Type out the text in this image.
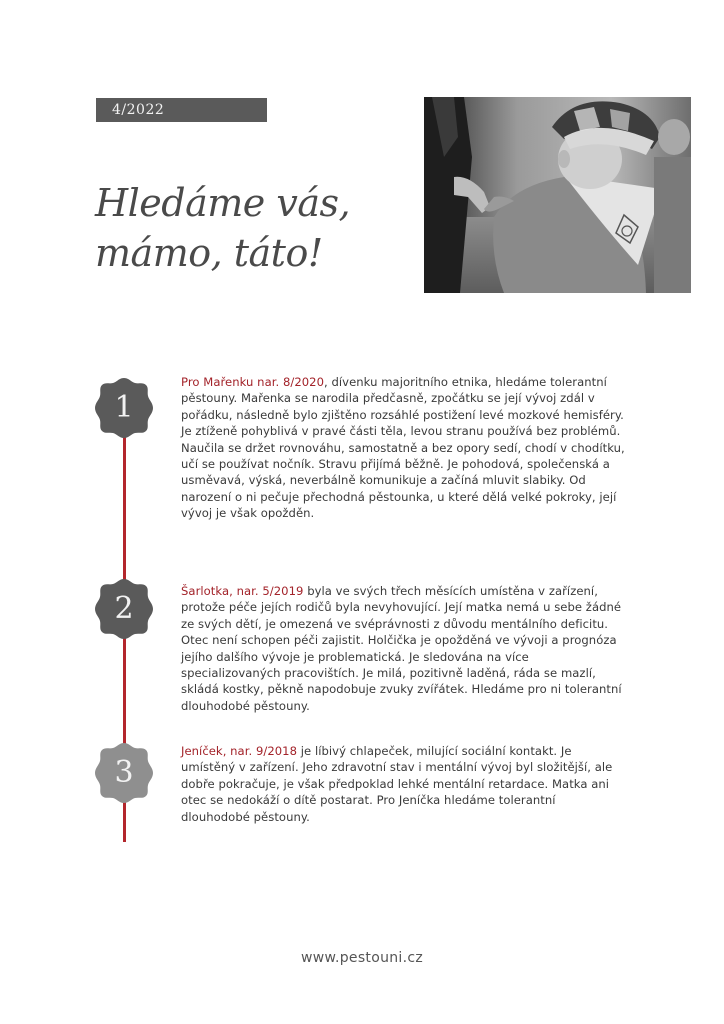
4/2022
Hledáme vás,
mámo, táto!
1
2
3
Pro Mařenku nar. 8/2020, dívenku majoritního etnika, hledáme tolerantní pěstouny. Mařenka se narodila předčasně, zpočátku se její vývoj zdál v pořádku, následně bylo zjištěno rozsáhlé postižení levé mozkové hemisféry. Je ztíženě pohyblivá v pravé části těla, levou stranu používá bez problémů. Naučila se držet rovnováhu, samostatně a bez opory sedí, chodí v chodítku, učí se používat nočník. Stravu přijímá běžně. Je pohodová, společenská a usměvavá, výská, neverbálně komunikuje a začíná mluvit slabiky. Od narození o ni pečuje přechodná pěstounka, u které dělá velké pokroky, její vývoj je však opožděn.
Šarlotka, nar. 5/2019 byla ve svých třech měsících umístěna v zařízení, protože péče jejích rodičů byla nevyhovující. Její matka nemá u sebe žádné ze svých dětí, je omezená ve svéprávnosti z důvodu mentálního deficitu. Otec není schopen péči zajistit. Holčička je opožděná ve vývoji a prognóza jejího dalšího vývoje je problematická. Je sledována na více specializovaných pracovištích. Je milá, pozitivně laděná, ráda se mazlí, skládá kostky, pěkně napodobuje zvuky zvířátek. Hledáme pro ni tolerantní dlouhodobé pěstouny.
Jeníček, nar. 9/2018 je líbivý chlapeček, milující sociální kontakt. Je umístěný v zařízení. Jeho zdravotní stav i mentální vývoj byl složitější, ale dobře pokračuje, je však předpoklad lehké mentální retardace. Matka ani otec se nedokáží o dítě postarat. Pro Jeníčka hledáme tolerantní dlouhodobé pěstouny.
www.pestouni.cz
